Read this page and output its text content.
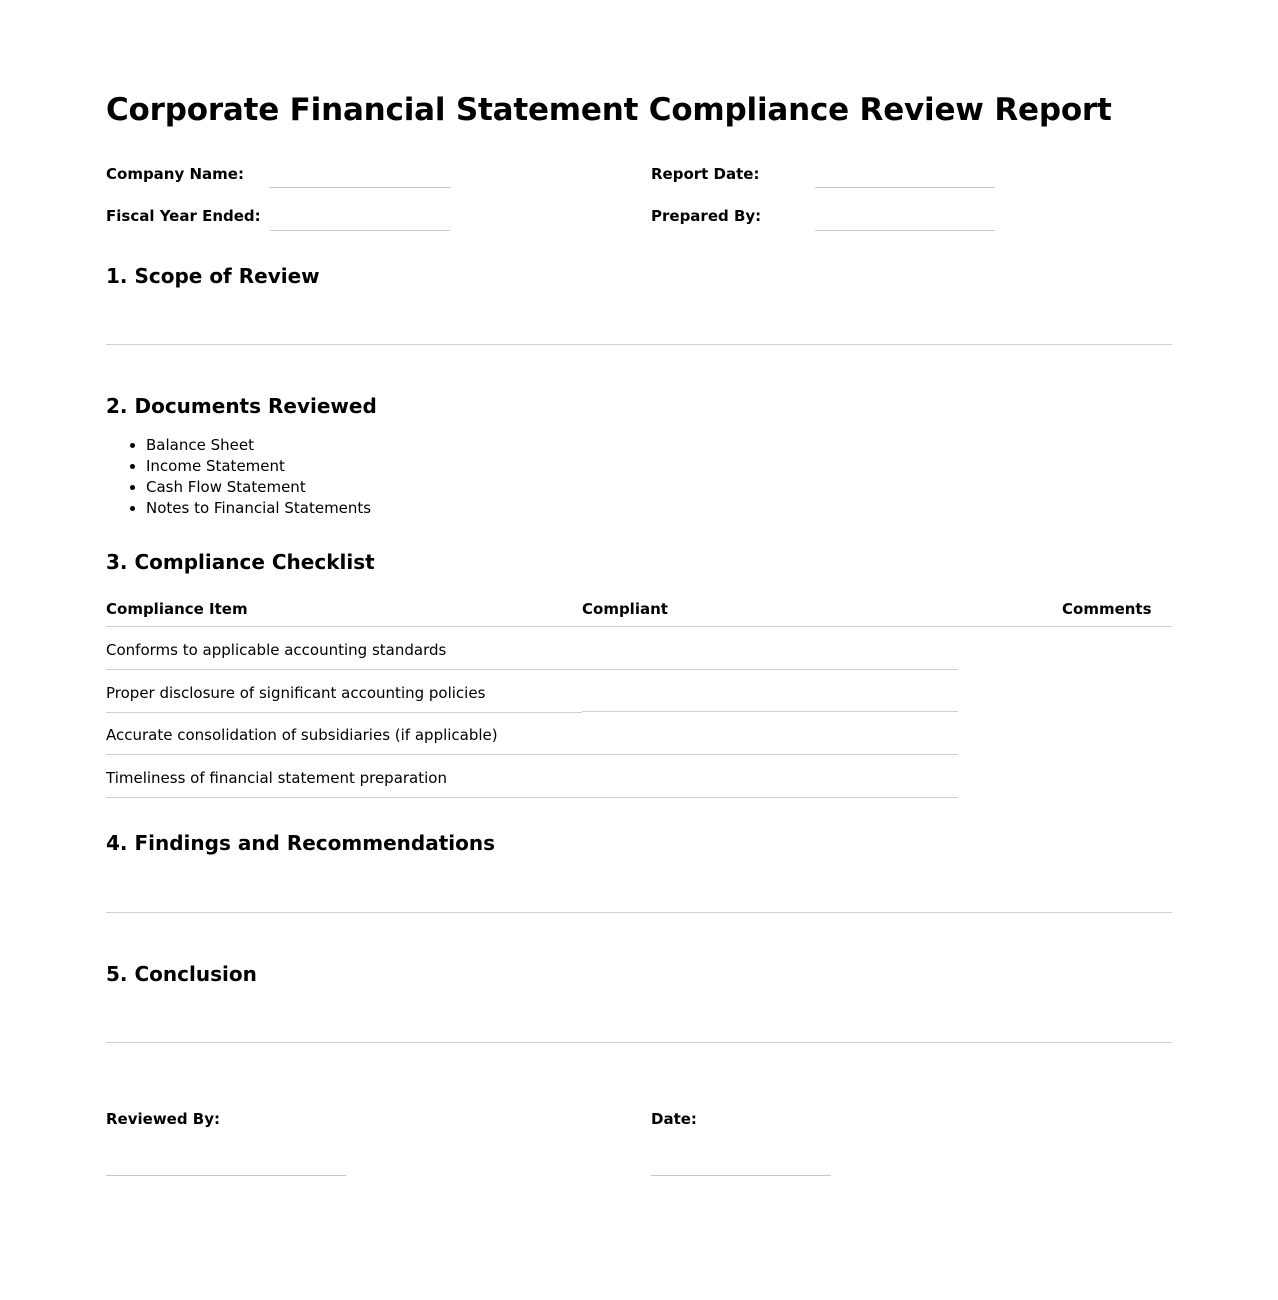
Corporate Financial Statement Compliance Review Report
Company Name:	Report Date:
Fiscal Year Ended:	Prepared By:
1. Scope of Review
2. Documents Reviewed
• Balance Sheet
• Income Statement
• Cash Flow Statement
• Notes to Financial Statements
3. Compliance Checklist
Compliance Item	Compliant	Comments
Conforms to applicable accounting standards
Proper disclosure of significant accounting policies
Accurate consolidation of subsidiaries (if applicable)
Timeliness of financial statement preparation
4. Findings and Recommendations
5. Conclusion
Reviewed By:	Date:
